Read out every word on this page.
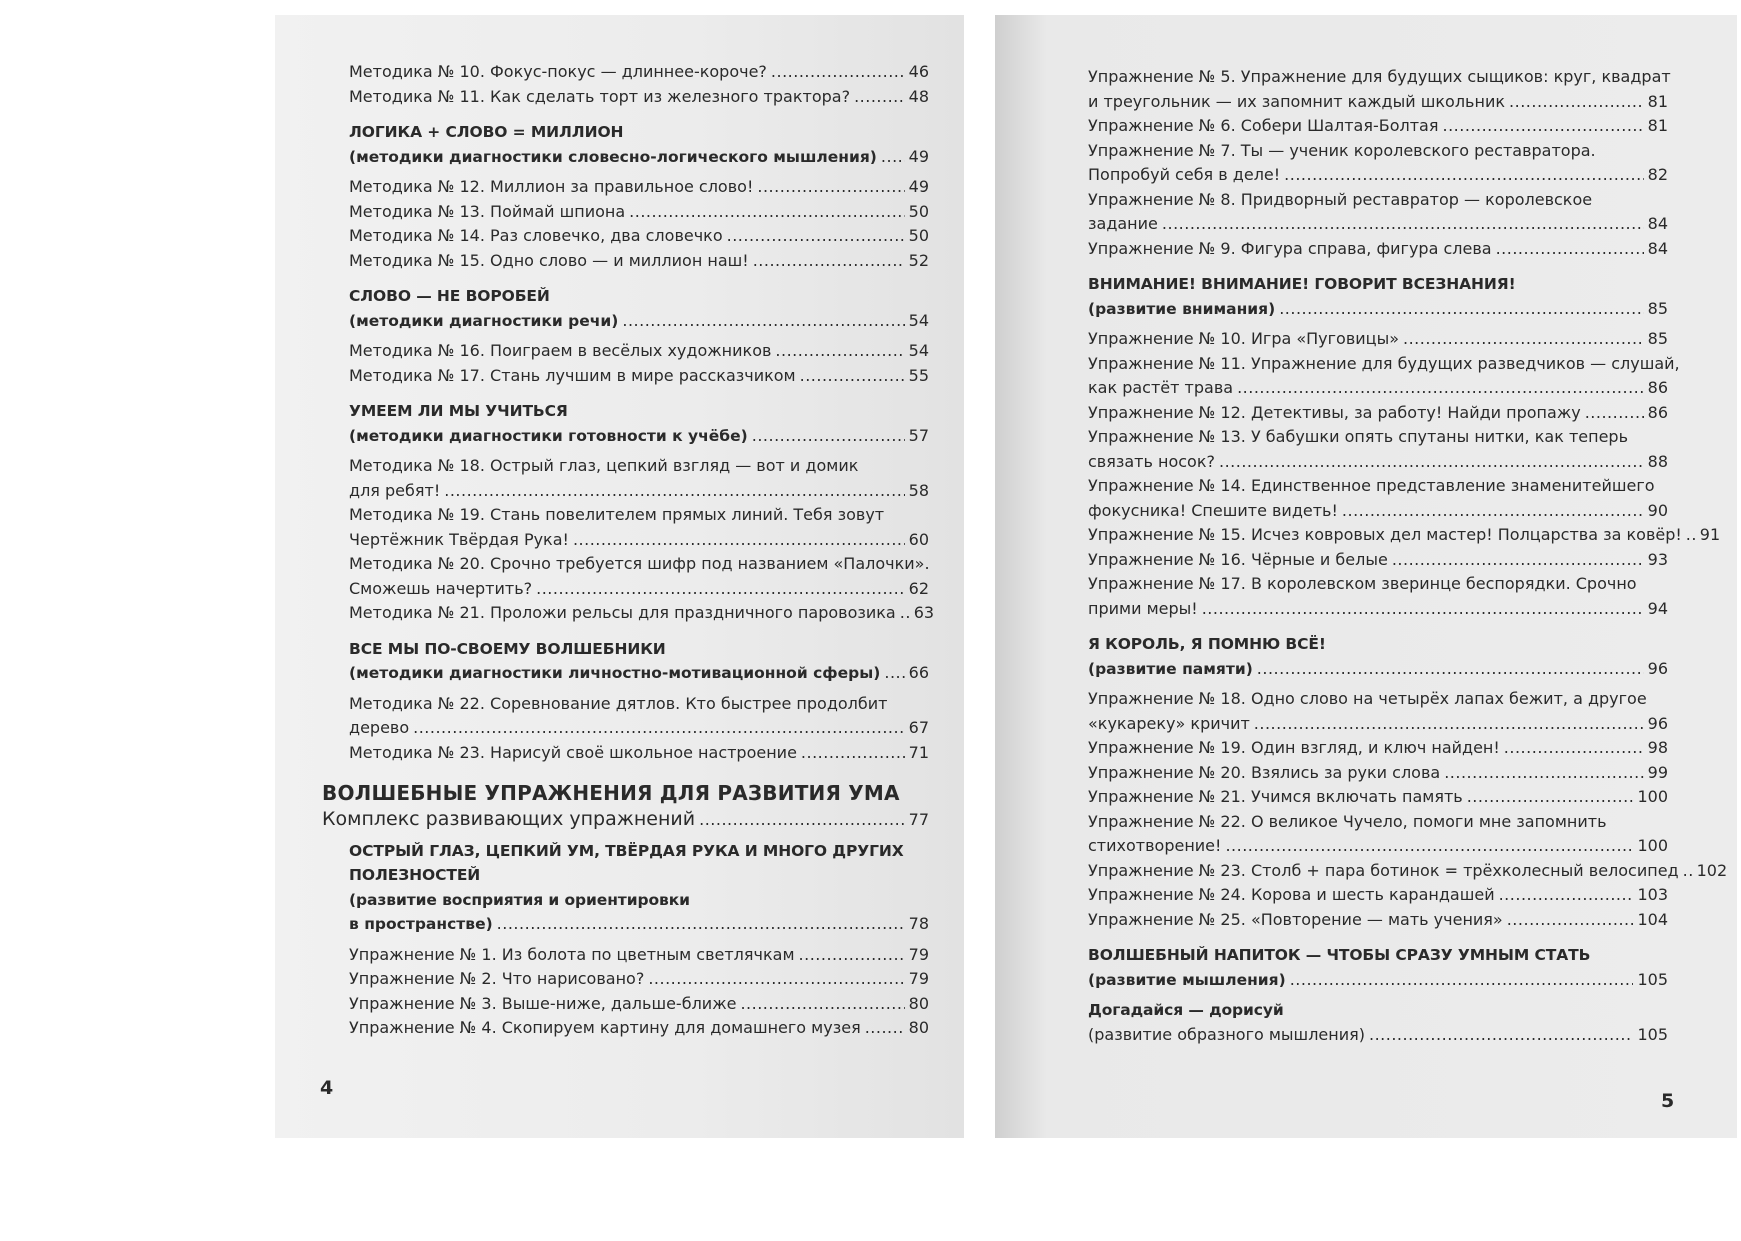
Методика № 10. Фокус-покус — длиннее-короче? .....	46
Методика № 11. Как сделать торт из железного трактора? .....	48
ЛОГИКА + СЛОВО = МИЛЛИОН
(методики диагностики словесно-логического мышления) ..... 49
Методика № 12. Миллион за правильное слово! .....	49
Методика № 13. Поймай шпиона .....	50
Методика № 14. Раз словечко, два словечко .....	50
Методика № 15. Одно слово — и миллион наш! .....	52
СЛОВО — НЕ ВОРОБЕЙ
(методики диагностики речи) .....	54
Методика № 16. Поиграем в весёлых художников .....	54
Методика № 17. Стань лучшим в мире рассказчиком .....	55
УМЕЕМ ЛИ МЫ УЧИТЬСЯ
(методики диагностики готовности к учёбе) .....	57
Методика № 18. Острый глаз, цепкий взгляд — вот и домик
для ребят! .....	58
Методика № 19. Стань повелителем прямых линий. Тебя зовут
Чертёжник Твёрдая Рука! .....	60
Методика № 20. Срочно требуется шифр под названием «Палочки».
Сможешь начертить? .....	62
Методика № 21. Проложи рельсы для праздничного паровозика ..... 63
ВСЕ МЫ ПО-СВОЕМУ ВОЛШЕБНИКИ
(методики диагностики личностно-мотивационной сферы) ..... 66
Методика № 22. Соревнование дятлов. Кто быстрее продолбит
дерево .....	67
Методика № 23. Нарисуй своё школьное настроение .....	71
ВОЛШЕБНЫЕ УПРАЖНЕНИЯ ДЛЯ РАЗВИТИЯ УМА
Комплекс развивающих упражнений .....	77
ОСТРЫЙ ГЛАЗ, ЦЕПКИЙ УМ, ТВЁРДАЯ РУКА И МНОГО ДРУГИХ
ПОЛЕЗНОСТЕЙ
(развитие восприятия и ориентировки
в пространстве) .....	78
Упражнение № 1. Из болота по цветным светлячкам .....	79
Упражнение № 2. Что нарисовано? .....	79
Упражнение № 3. Выше-ниже, дальше-ближе .....	80
Упражнение № 4. Скопируем картину для домашнего музея .....	80
4
Упражнение № 5. Упражнение для будущих сыщиков: круг, квадрат
и треугольник — их запомнит каждый школьник .....	81
Упражнение № 6. Собери Шалтая-Болтая .....	81
Упражнение № 7. Ты — ученик королевского реставратора.
Попробуй себя в деле! .....	82
Упражнение № 8. Придворный реставратор — королевское
задание .....	84
Упражнение № 9. Фигура справа, фигура слева .....	84
ВНИМАНИЕ! ВНИМАНИЕ! ГОВОРИТ ВСЕЗНАНИЯ!
(развитие внимания) .....	85
Упражнение № 10. Игра «Пуговицы» .....	85
Упражнение № 11. Упражнение для будущих разведчиков — слушай,
как растёт трава .....	86
Упражнение № 12. Детективы, за работу! Найди пропажу .....	86
Упражнение № 13. У бабушки опять спутаны нитки, как теперь
связать носок? .....	88
Упражнение № 14. Единственное представление знаменитейшего
фокусника! Спешите видеть! .....	90
Упражнение № 15. Исчез ковровых дел мастер! Полцарства за ковёр! ..... 91
Упражнение № 16. Чёрные и белые .....	93
Упражнение № 17. В королевском зверинце беспорядки. Срочно
прими меры! .....	94
Я КОРОЛЬ, Я ПОМНЮ ВСЁ!
(развитие памяти) .....	96
Упражнение № 18. Одно слово на четырёх лапах бежит, а другое
«кукареку» кричит .....	96
Упражнение № 19. Один взгляд, и ключ найден! .....	98
Упражнение № 20. Взялись за руки слова .....	99
Упражнение № 21. Учимся включать память .....	100
Упражнение № 22. О великое Чучело, помоги мне запомнить
стихотворение! .....	100
Упражнение № 23. Столб + пара ботинок = трёхколесный велосипед ..... 102
Упражнение № 24. Корова и шесть карандашей .....	103
Упражнение № 25. «Повторение — мать учения» .....	104
ВОЛШЕБНЫЙ НАПИТОК — ЧТОБЫ СРАЗУ УМНЫМ СТАТЬ
(развитие мышления) .....	105
Догадайся — дорисуй
(развитие образного мышления) .....	105
5
